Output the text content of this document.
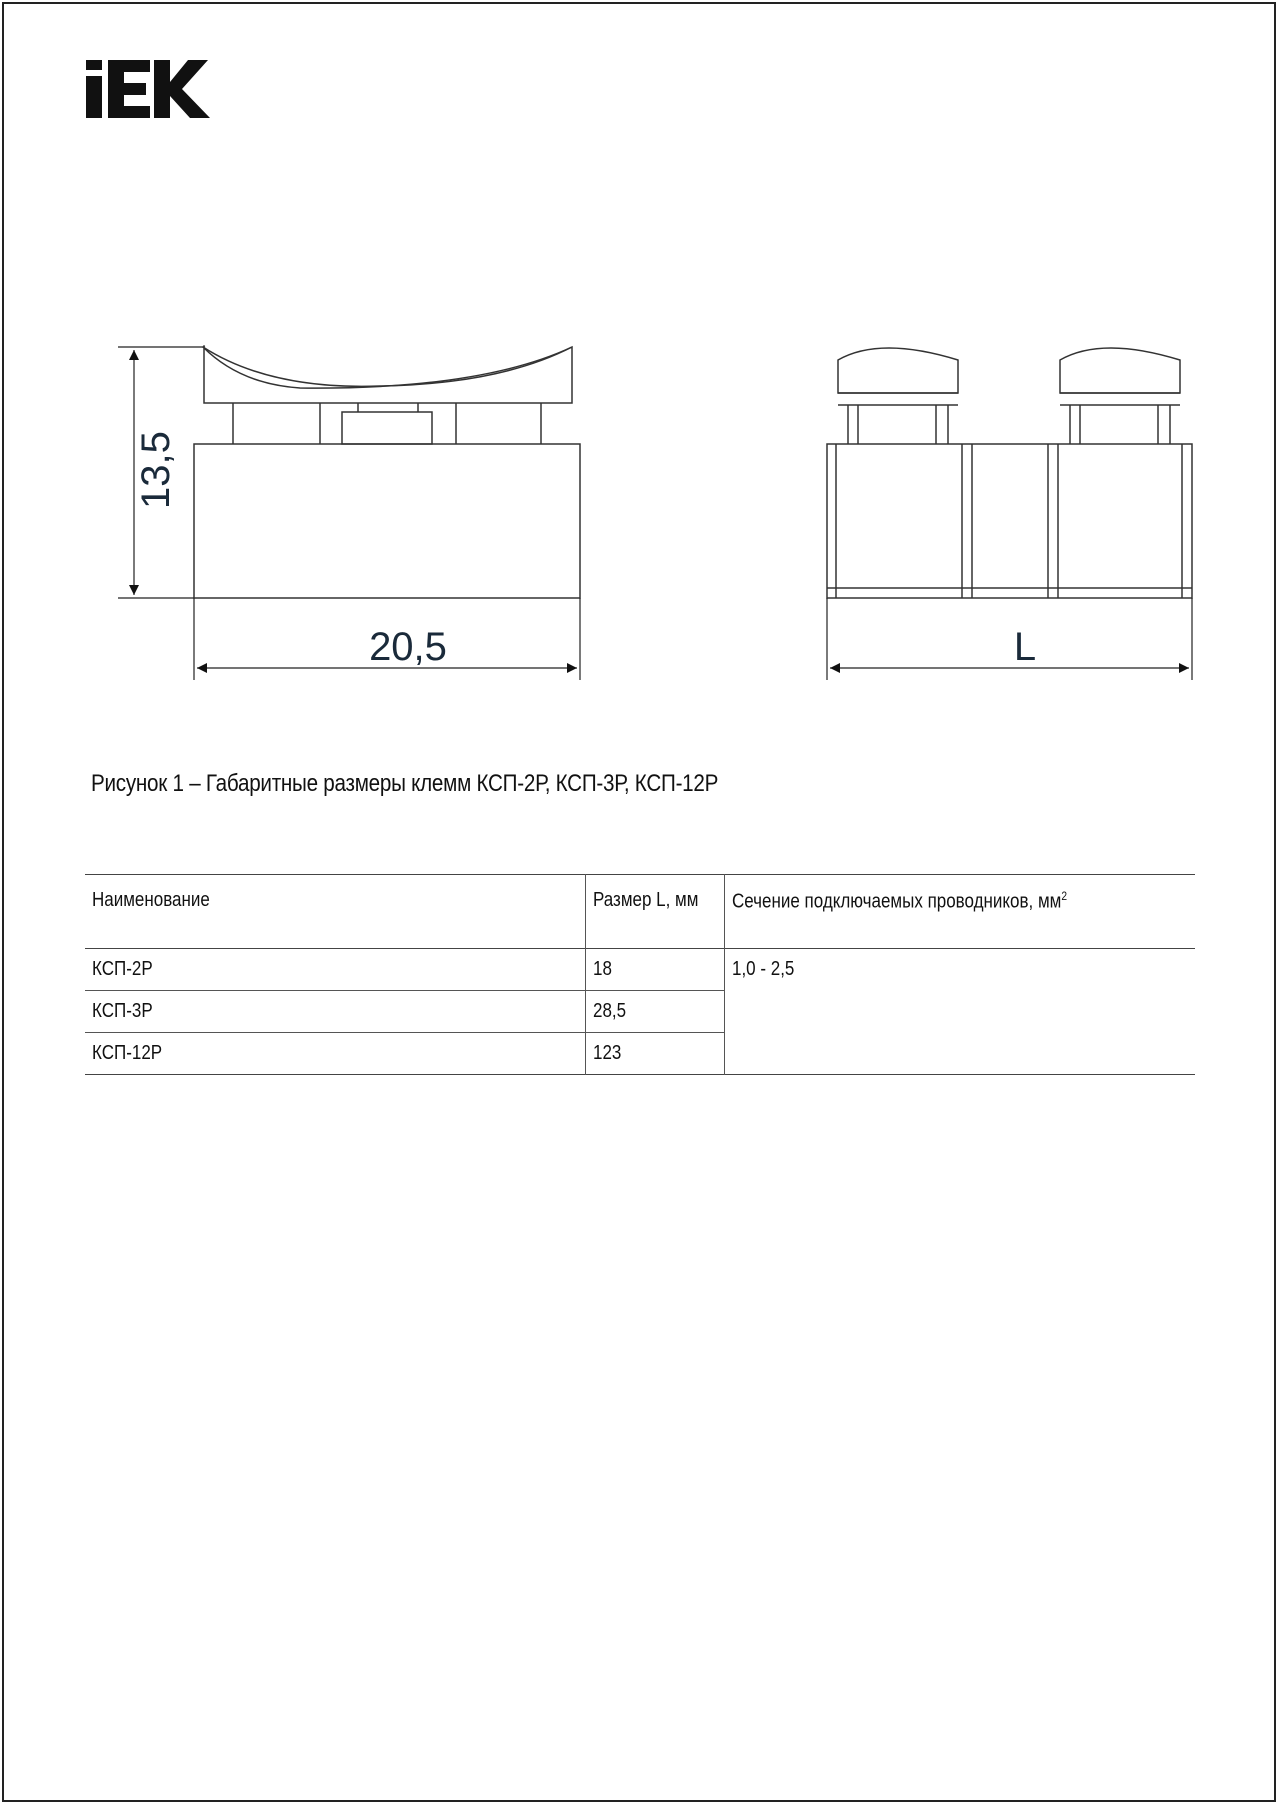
13,5
20,5	L
Рисунок 1 – Габаритные размеры клемм КСП-2Р, КСП-3Р, КСП-12Р
Наименование	Размер L, мм	Сечение подключаемых проводников, $мм^2$
КСП-2Р	18	1,0 - 2,5
КСП-3Р	28,5	
КСП-12Р	123	
